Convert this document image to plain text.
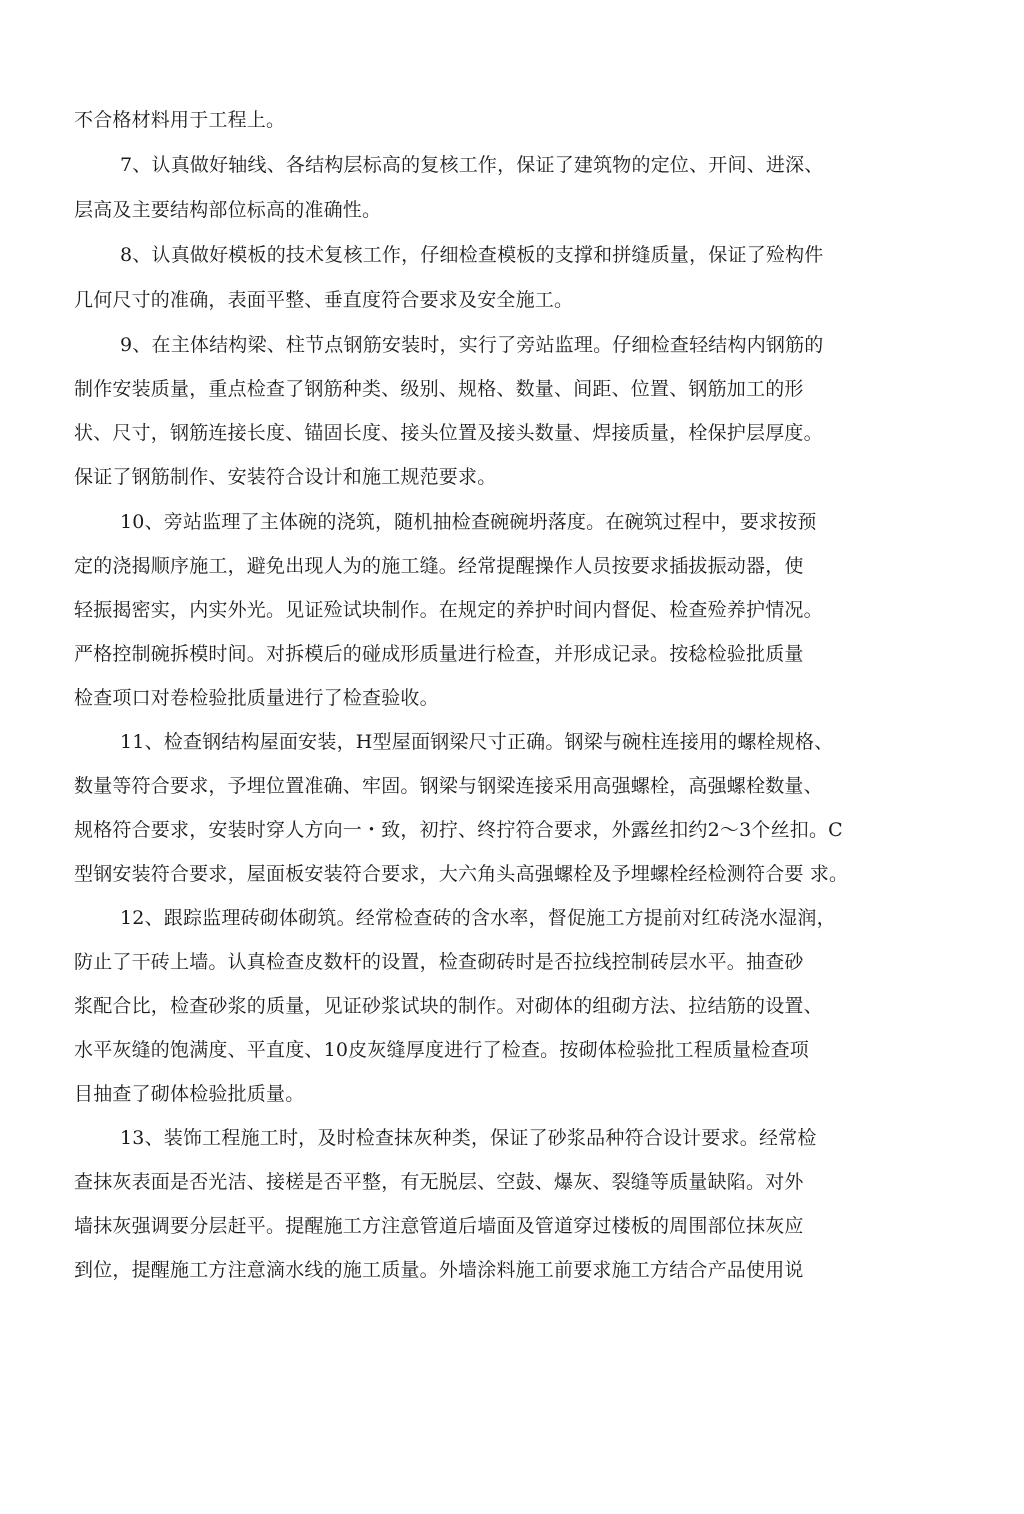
不合格材料用于工程上。
7、认真做好轴线、各结构层标高的复核工作，保证了建筑物的定位、开间、进深、
层高及主要结构部位标高的准确性。
8、认真做好模板的技术复核工作，仔细检查模板的支撑和拼缝质量，保证了殓构件
几何尺寸的准确，表面平整、垂直度符合要求及安全施工。
9、在主体结构梁、柱节点钢筋安装时，实行了旁站监理。仔细检查轻结构内钢筋的
制作安装质量，重点检查了钢筋种类、级别、规格、数量、间距、位置、钢筋加工的形
状、尺寸，钢筋连接长度、锚固长度、接头位置及接头数量、焊接质量，栓保护层厚度。
保证了钢筋制作、安装符合设计和施工规范要求。
10、旁站监理了主体碗的浇筑，随机抽检查碗碗坍落度。在碗筑过程中，要求按预
定的浇揭顺序施工，避免出现人为的施工缝。经常提醒操作人员按要求插拔振动器，使
轻振揭密实，内实外光。见证殓试块制作。在规定的养护时间内督促、检查殓养护情况。
严格控制碗拆模时间。对拆模后的碰成形质量进行检查，并形成记录。按稔检验批质量
检查项口对卷检验批质量进行了检查验收。
11、检查钢结构屋面安装，H型屋面钢梁尺寸正确。钢梁与碗柱连接用的螺栓规格、
数量等符合要求，予埋位置准确、牢固。钢梁与钢梁连接采用高强螺栓，高强螺栓数量、
规格符合要求，安装时穿人方向一・致，初拧、终拧符合要求，外露丝扣约2〜3个丝扣。C
型钢安装符合要求，屋面板安装符合要求，大六角头高强螺栓及予埋螺栓经检测符合要 求。
12、跟踪监理砖砌体砌筑。经常检查砖的含水率，督促施工方提前对红砖浇水湿润，
防止了干砖上墙。认真检查皮数杆的设置，检查砌砖时是否拉线控制砖层水平。抽查砂
浆配合比，检查砂浆的质量，见证砂浆试块的制作。对砌体的组砌方法、拉结筋的设置、
水平灰缝的饱满度、平直度、10皮灰缝厚度进行了检查。按砌体检验批工程质量检查项
目抽查了砌体检验批质量。
13、装饰工程施工时，及时检查抹灰种类，保证了砂浆品种符合设计要求。经常检
查抹灰表面是否光洁、接槎是否平整，有无脱层、空鼓、爆灰、裂缝等质量缺陷。对外
墙抹灰强调要分层赶平。提醒施工方注意管道后墙面及管道穿过楼板的周围部位抹灰应
到位，提醒施工方注意滴水线的施工质量。外墙涂料施工前要求施工方结合产品使用说
